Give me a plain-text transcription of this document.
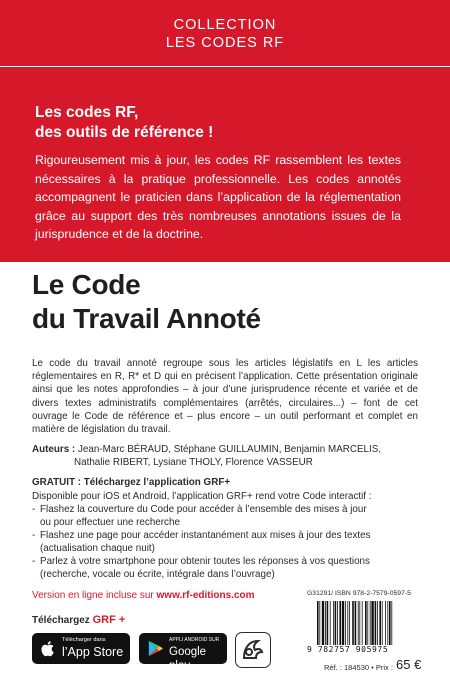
COLLECTION
LES CODES RF

Les codes RF,
des outils de référence !

Rigoureusement mis à jour, les codes RF rassemblent les textes nécessaires à la pratique professionnelle. Les codes annotés accompagnent le praticien dans l’application de la réglementation grâce au support des très nombreuses annotations issues de la jurisprudence et de la doctrine.

Le Code
du Travail Annoté

Le code du travail annoté regroupe sous les articles législatifs en L les articles réglementaires en R, R* et D qui en précisent l’application. Cette présentation originale ainsi que les notes approfondies – à jour d’une jurisprudence récente et variée et de divers textes administratifs complémentaires (arrêtés, circulaires...) – font de cet ouvrage le Code de référence et – plus encore – un outil performant et complet en matière de législation du travail.

Auteurs : Jean-Marc BÉRAUD, Stéphane GUILLAUMIN, Benjamin MARCELIS,
Nathalie RIBERT, Lysiane THOLY, Florence VASSEUR

GRATUIT : Téléchargez l’application GRF+

Disponible pour iOS et Android, l’application GRF+ rend votre Code interactif :

- Flashez la couverture du Code pour accéder à l’ensemble des mises à jour
ou pour effectuer une recherche
- Flashez une page pour accéder instantanément aux mises à jour des textes
(actualisation chaque nuit)
- Parlez à votre smartphone pour obtenir toutes les réponses à vos questions
(recherche, vocale ou écrite, intégrale dans l’ouvrage)

Version en ligne incluse sur www.rf-editions.com

Téléchargez GRF +
Télécharger dans
l’App Store
APPLI ANDROID SUR
Google play
G31291/ ISBN 978-2-7579-0597-5
9 782757 905975
Réf. : 184530 • Prix : 65 €
